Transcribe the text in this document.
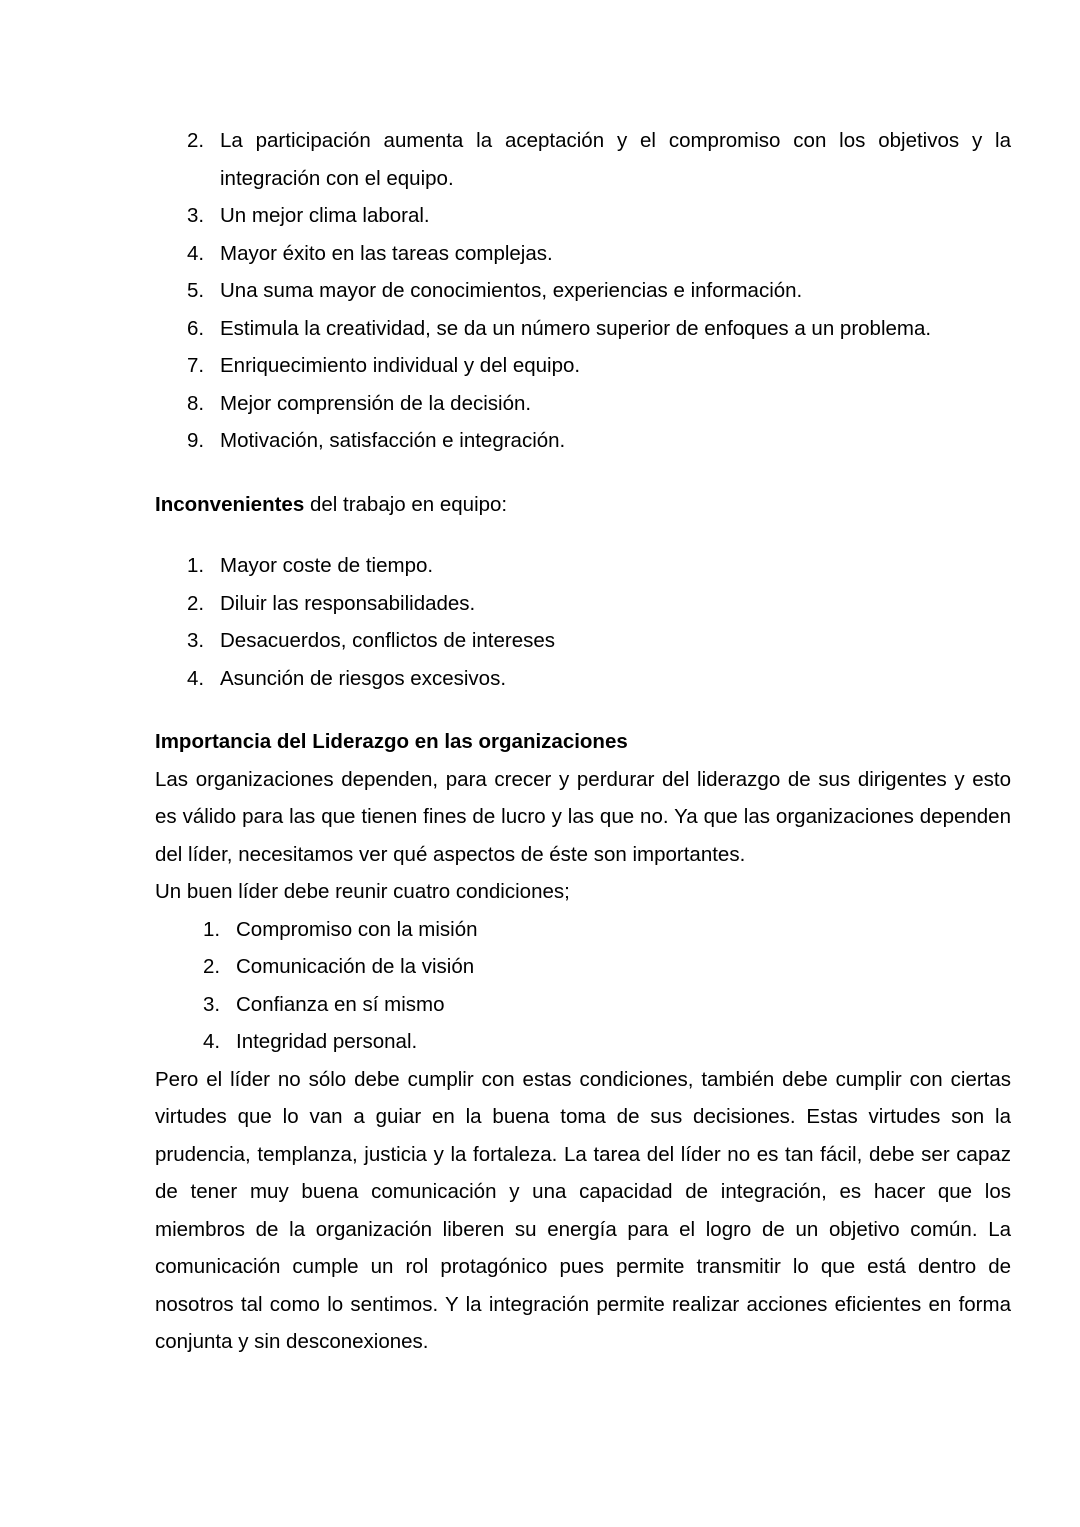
2. La participación aumenta la aceptación y el compromiso con los objetivos y la integración con el equipo.
3. Un mejor clima laboral.
4. Mayor éxito en las tareas complejas.
5. Una suma mayor de conocimientos, experiencias e información.
6. Estimula la creatividad, se da un número superior de enfoques a un problema.
7. Enriquecimiento individual y del equipo.
8. Mejor comprensión de la decisión.
9. Motivación, satisfacción e integración.

Inconvenientes del trabajo en equipo:

1. Mayor coste de tiempo.
2. Diluir las responsabilidades.
3. Desacuerdos, conflictos de intereses
4. Asunción de riesgos excesivos.

Importancia del Liderazgo en las organizaciones

Las organizaciones dependen, para crecer y perdurar del liderazgo de sus dirigentes y esto es válido para las que tienen fines de lucro y las que no. Ya que las organizaciones dependen del líder, necesitamos ver qué aspectos de éste son importantes.

Un buen líder debe reunir cuatro condiciones;

1. Compromiso con la misión
2. Comunicación de la visión
3. Confianza en sí mismo
4. Integridad personal.

Pero el líder no sólo debe cumplir con estas condiciones, también debe cumplir con ciertas virtudes que lo van a guiar en la buena toma de sus decisiones. Estas virtudes son la prudencia, templanza, justicia y la fortaleza. La tarea del líder no es tan fácil, debe ser capaz de tener muy buena comunicación y una capacidad de integración, es hacer que los miembros de la organización liberen su energía para el logro de un objetivo común. La comunicación cumple un rol protagónico pues permite transmitir lo que está dentro de nosotros tal como lo sentimos. Y la integración permite realizar acciones eficientes en forma conjunta y sin desconexiones.
